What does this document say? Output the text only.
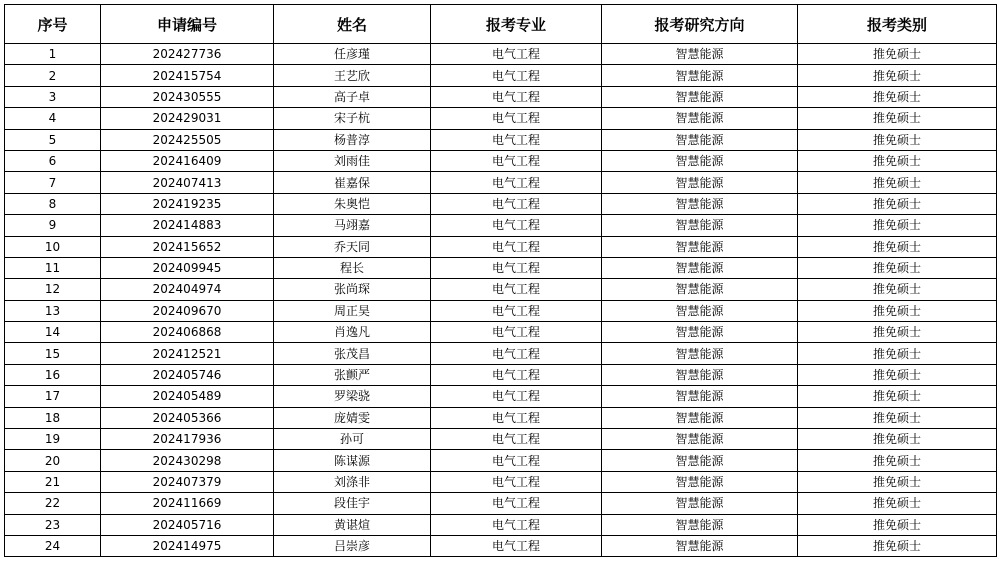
序号	申请编号	姓名	报考专业	报考研究方向	报考类别
1	202427736	任彦瑾	电气工程	智慧能源	推免硕士
2	202415754	王艺欣	电气工程	智慧能源	推免硕士
3	202430555	高子卓	电气工程	智慧能源	推免硕士
4	202429031	宋子杭	电气工程	智慧能源	推免硕士
5	202425505	杨普淳	电气工程	智慧能源	推免硕士
6	202416409	刘雨佳	电气工程	智慧能源	推免硕士
7	202407413	崔嘉保	电气工程	智慧能源	推免硕士
8	202419235	朱奥恺	电气工程	智慧能源	推免硕士
9	202414883	马翊嘉	电气工程	智慧能源	推免硕士
10	202415652	乔天同	电气工程	智慧能源	推免硕士
11	202409945	程长	电气工程	智慧能源	推免硕士
12	202404974	张尚琛	电气工程	智慧能源	推免硕士
13	202409670	周正昊	电气工程	智慧能源	推免硕士
14	202406868	肖逸凡	电气工程	智慧能源	推免硕士
15	202412521	张茂昌	电气工程	智慧能源	推免硕士
16	202405746	张颤严	电气工程	智慧能源	推免硕士
17	202405489	罗梁骁	电气工程	智慧能源	推免硕士
18	202405366	庞婧雯	电气工程	智慧能源	推免硕士
19	202417936	孙可	电气工程	智慧能源	推免硕士
20	202430298	陈谋源	电气工程	智慧能源	推免硕士
21	202407379	刘涤非	电气工程	智慧能源	推免硕士
22	202411669	段佳宇	电气工程	智慧能源	推免硕士
23	202405716	黄谌煊	电气工程	智慧能源	推免硕士
24	202414975	吕崇彦	电气工程	智慧能源	推免硕士
